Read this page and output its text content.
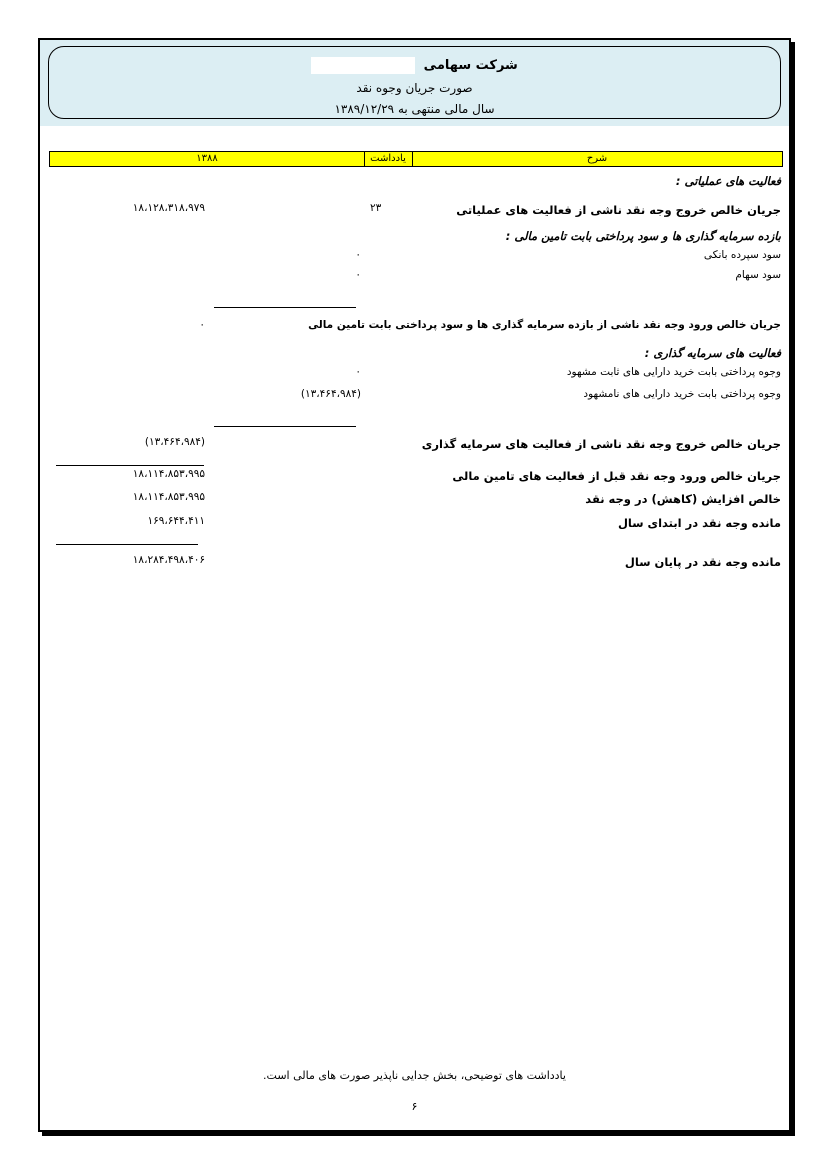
شرکت سهامی
صورت جریان وجوه نقد
سال مالی منتهی به ۱۳۸۹/۱۲/۲۹
شرح
یادداشت
۱۳۸۸
فعالیت های عملیاتی :
جریان خالص خروج وجه نقد ناشی از فعالیت های عملیاتی
۲۳
۱۸،۱۲۸،۳۱۸،۹۷۹
بازده سرمایه گذاری ها و سود پرداختی بابت تامین مالی :
سود سپرده بانکی
۰
سود سهام
۰
جریان خالص ورود وجه نقد ناشی از بازده سرمایه گذاری ها و سود پرداختی بابت تامین مالی
۰
فعالیت های سرمایه گذاری :
وجوه پرداختی بابت خرید دارایی های ثابت مشهود
۰
وجوه پرداختی بابت خرید دارایی های نامشهود
(۱۳،۴۶۴،۹۸۴)
جریان خالص خروج وجه نقد ناشی از فعالیت های سرمایه گذاری
(۱۳،۴۶۴،۹۸۴)
جریان خالص ورود وجه نقد قبل از فعالیت های تامین مالی
۱۸،۱۱۴،۸۵۳،۹۹۵
خالص افزایش (کاهش) در وجه نقد
۱۸،۱۱۴،۸۵۳،۹۹۵
مانده وجه نقد در ابتدای سال
۱۶۹،۶۴۴،۴۱۱
مانده وجه نقد در پایان سال
۱۸،۲۸۴،۴۹۸،۴۰۶
یادداشت های توضیحی، بخش جدایی ناپذیر صورت های مالی است.
۶
